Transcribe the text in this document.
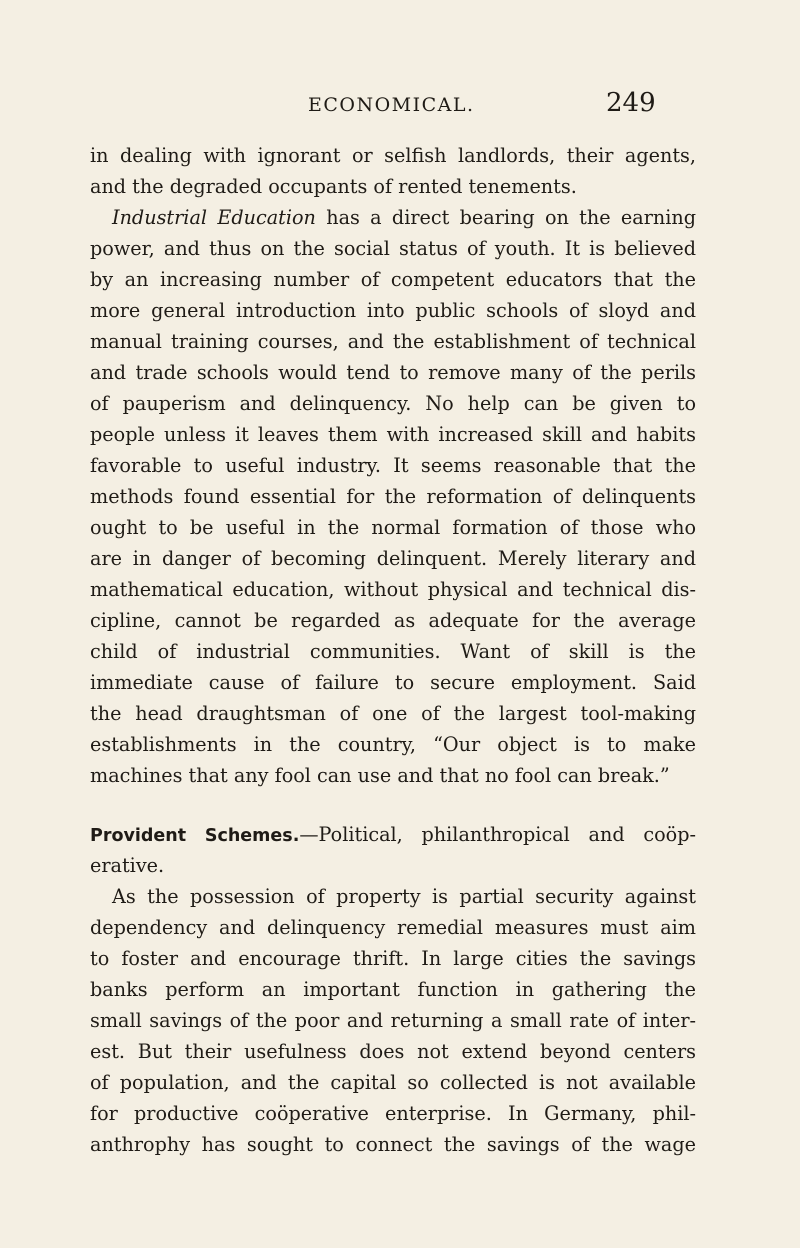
ECONOMICAL.	249
in dealing with ignorant or selfish landlords, their agents,
and the degraded occupants of rented tenements.
Industrial Education has a direct bearing on the earning
power, and thus on the social status of youth. It is believed
by an increasing number of competent educators that the
more general introduction into public schools of sloyd and
manual training courses, and the establishment of technical
and trade schools would tend to remove many of the perils
of pauperism and delinquency. No help can be given to
people unless it leaves them with increased skill and habits
favorable to useful industry. It seems reasonable that the
methods found essential for the reformation of delinquents
ought to be useful in the normal formation of those who
are in danger of becoming delinquent. Merely literary and
mathematical education, without physical and technical dis-
cipline, cannot be regarded as adequate for the average
child of industrial communities. Want of skill is the
immediate cause of failure to secure employment. Said
the head draughtsman of one of the largest tool-making
establishments in the country, “Our object is to make
machines that any fool can use and that no fool can break.”
Provident Schemes.—Political, philanthropical and coöp-
erative.
As the possession of property is partial security against
dependency and delinquency remedial measures must aim
to foster and encourage thrift. In large cities the savings
banks perform an important function in gathering the
small savings of the poor and returning a small rate of inter-
est. But their usefulness does not extend beyond centers
of population, and the capital so collected is not available
for productive coöperative enterprise. In Germany, phil-
anthrophy has sought to connect the savings of the wage
